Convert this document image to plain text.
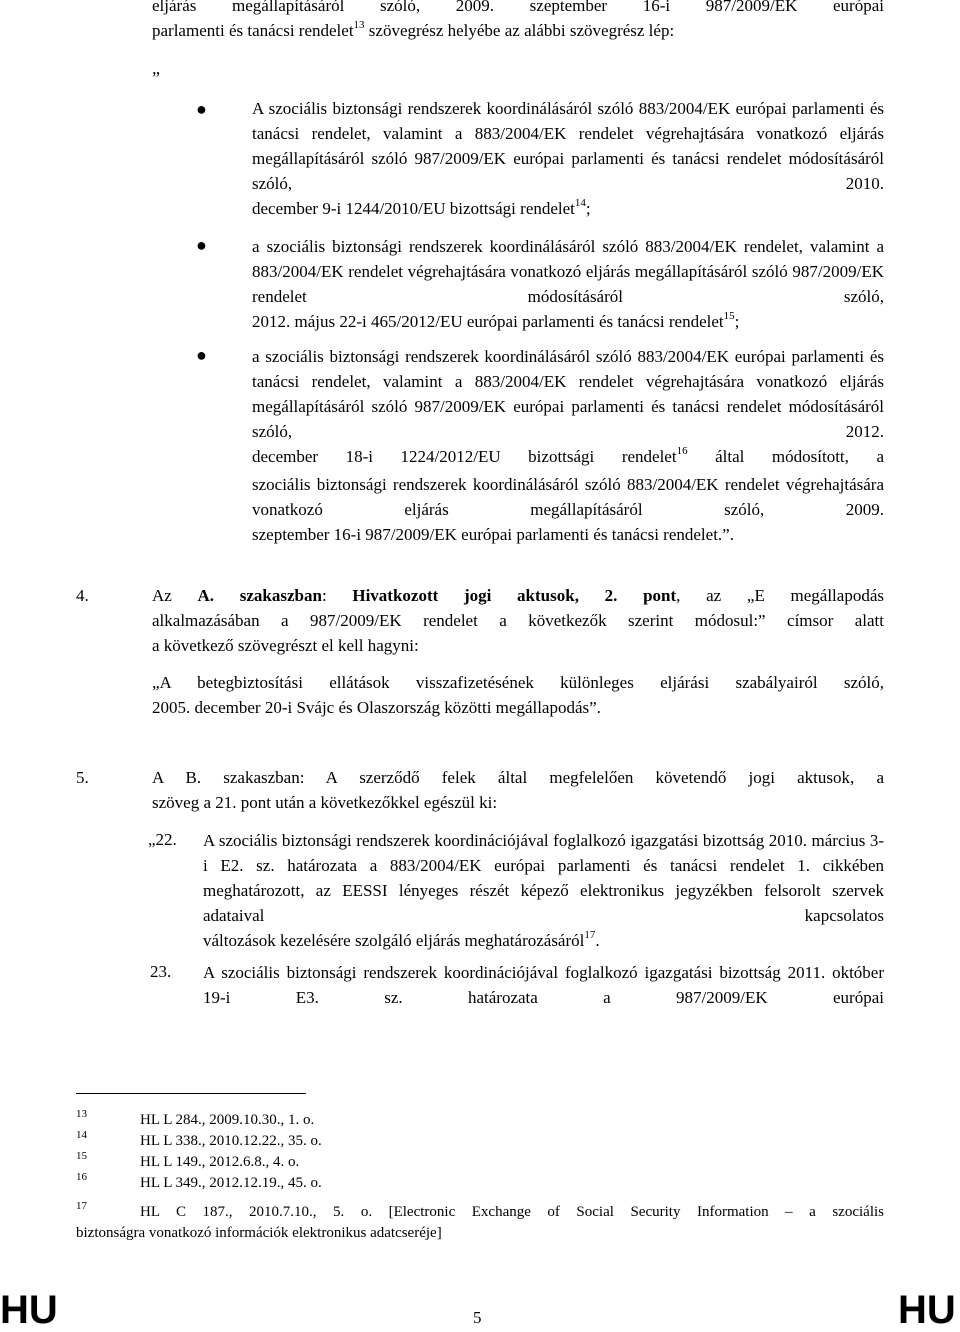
eljárás megállapításáról szóló, 2009. szeptember 16-i 987/2009/EK európai
parlamenti és tanácsi rendelet$^{13}$ szövegrész helyébe az alábbi szövegrész lép:
”
●	A szociális biztonsági rendszerek koordinálásáról szóló 883/2004/EK európai parlamenti és tanácsi rendelet, valamint a 883/2004/EK rendelet végrehajtására vonatkozó eljárás megállapításáról szóló 987/2009/EK európai parlamenti és tanácsi rendelet módosításáról szóló, 2010.
december 9-i 1244/2010/EU bizottsági rendelet$^{14}$;
●	a szociális biztonsági rendszerek koordinálásáról szóló 883/2004/EK rendelet, valamint a 883/2004/EK rendelet végrehajtására vonatkozó eljárás megállapításáról szóló 987/2009/EK rendelet módosításáról szóló,
2012. május 22-i 465/2012/EU európai parlamenti és tanácsi rendelet$^{15}$;
●	a szociális biztonsági rendszerek koordinálásáról szóló 883/2004/EK európai parlamenti és tanácsi rendelet, valamint a 883/2004/EK rendelet végrehajtására vonatkozó eljárás megállapításáról szóló 987/2009/EK európai parlamenti és tanácsi rendelet módosításáról szóló, 2012.
december 18-i 1224/2012/EU bizottsági rendelet$^{16}$ által módosított, a
szociális biztonsági rendszerek koordinálásáról szóló 883/2004/EK rendelet végrehajtására vonatkozó eljárás megállapításáról szóló, 2009.
szeptember 16-i 987/2009/EK európai parlamenti és tanácsi rendelet.”.
4.	Az A. szakaszban: Hivatkozott jogi aktusok, 2. pont, az „E megállapodás
alkalmazásában a 987/2009/EK rendelet a következők szerint módosul:” címsor alatt
a következő szövegrészt el kell hagyni:
„A betegbiztosítási ellátások visszafizetésének különleges eljárási szabályairól szóló,
2005. december 20-i Svájc és Olaszország közötti megállapodás”.
5.	A B. szakaszban: A szerződő felek által megfelelően követendő jogi aktusok, a
szöveg a 21. pont után a következőkkel egészül ki:
„22. A szociális biztonsági rendszerek koordinációjával foglalkozó igazgatási bizottság 2010. március 3-i E2. sz. határozata a 883/2004/EK európai parlamenti és tanácsi rendelet 1. cikkében meghatározott, az EESSI lényeges részét képező elektronikus jegyzékben felsorolt szervek adataival kapcsolatos
változások kezelésére szolgáló eljárás meghatározásáról$^{17}$.
23. A szociális biztonsági rendszerek koordinációjával foglalkozó igazgatási bizottság 2011. október 19-i E3. sz. határozata a 987/2009/EK európai
13	HL L 284., 2009.10.30., 1. o.
14	HL L 338., 2010.12.22., 35. o.
15	HL L 149., 2012.6.8., 4. o.
16	HL L 349., 2012.12.19., 45. o.
17	HL C 187., 2010.7.10., 5. o. [Electronic Exchange of Social Security Information – a szociális
biztonságra vonatkozó információk elektronikus adatcseréje]
HU	5	HU
